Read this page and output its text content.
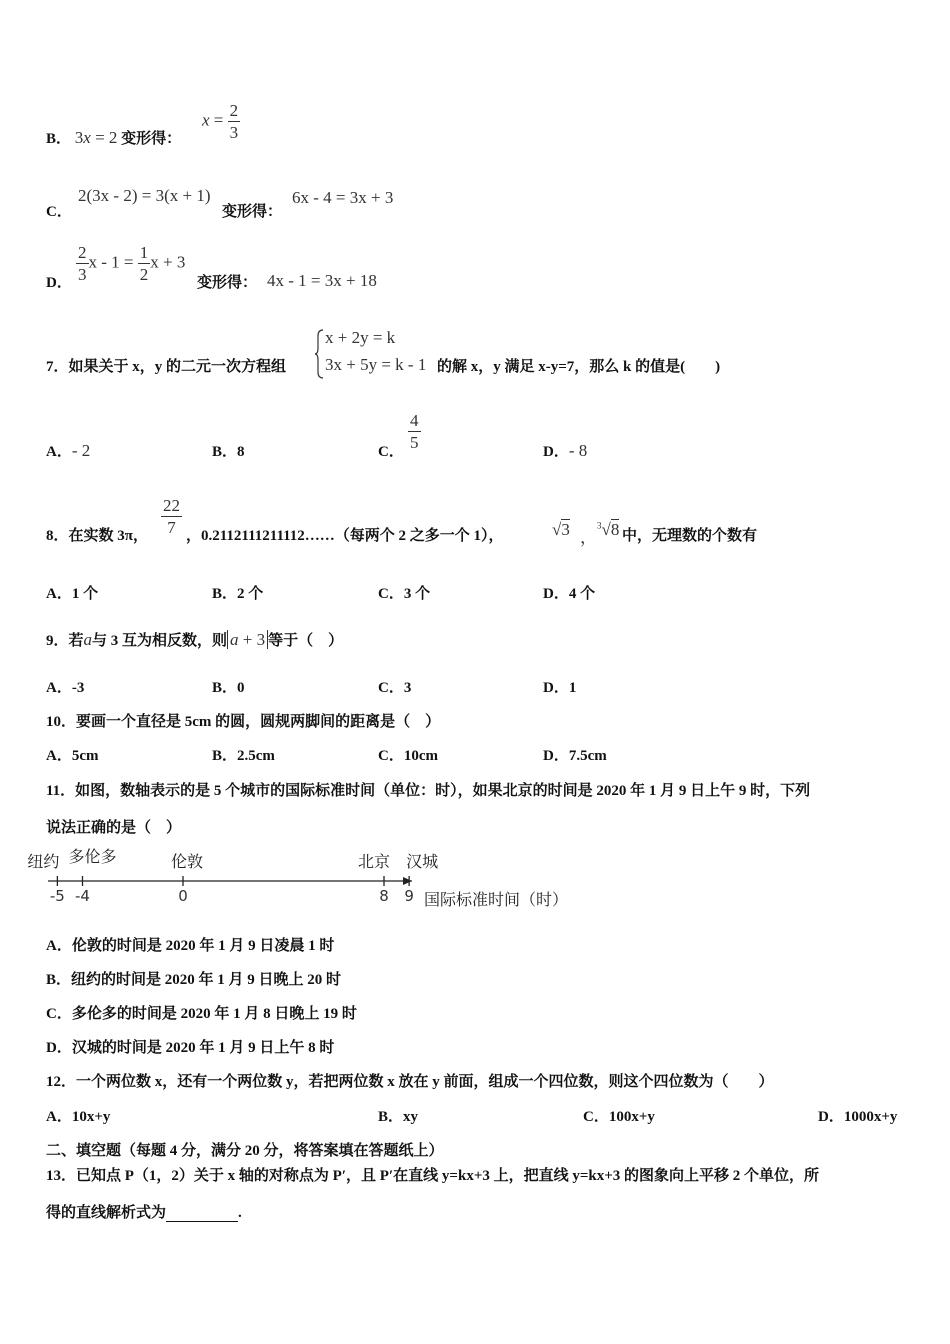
B． 3x = 2 变形得：
$x = \frac{2}{3}$
C．
2(3x - 2) = 3(x + 1)
变形得：
6x - 4 = 3x + 3
D． $\frac{2}{3}$ $x - 1 = \frac{1}{2}$ x + 3
变形得： 4x - 1 = 3x + 18
7．如果关于 x，y 的二元一次方程组
x + 2y = k
3x + 5y = k - 1 的解 x，y 满足 x-y=7，那么 k 的值是(　　)
A．- 2	B．8	C．
$\frac{4}{5}$
D．- 8
8．在实数 3π， $\frac{22}{7}$ ，0.2112111211112……（每两个 2 之多一个 1），	√3 ，
$^3$√8 中，无理数的个数有
A．1 个	B．2 个	C．3 个	D．4 个
9．若a与 3 互为相反数，则 a + 3 等于（　）
A．-3	B．0	C．3	D．1
10．要画一个直径是 5cm 的圆，圆规两脚间的距离是（　）
A．5cm	B．2.5cm	C．10cm	D．7.5cm
11．如图，数轴表示的是 5 个城市的国际标准时间（单位：时），如果北京的时间是 2020 年 1 月 9 日上午 9 时，下列
说法正确的是（　）
国际标准时间（时）
-5
纽约
-4
多伦多
0
伦敦
8
北京
9
汉城
A．伦敦的时间是 2020 年 1 月 9 日凌晨 1 时
B．纽约的时间是 2020 年 1 月 9 日晚上 20 时
C．多伦多的时间是 2020 年 1 月 8 日晚上 19 时
D．汉城的时间是 2020 年 1 月 9 日上午 8 时
12．一个两位数 x，还有一个两位数 y，若把两位数 x 放在 y 前面，组成一个四位数，则这个四位数为（　　）
A．10x+y	B．xy	C．100x+y	D．1000x+y
二、填空题（每题 4 分，满分 20 分，将答案填在答题纸上）
13．已知点 P（1，2）关于 x 轴的对称点为 P′，且 P′在直线 y=kx+3 上，把直线 y=kx+3 的图象向上平移 2 个单位，所
得的直线解析式为	.
